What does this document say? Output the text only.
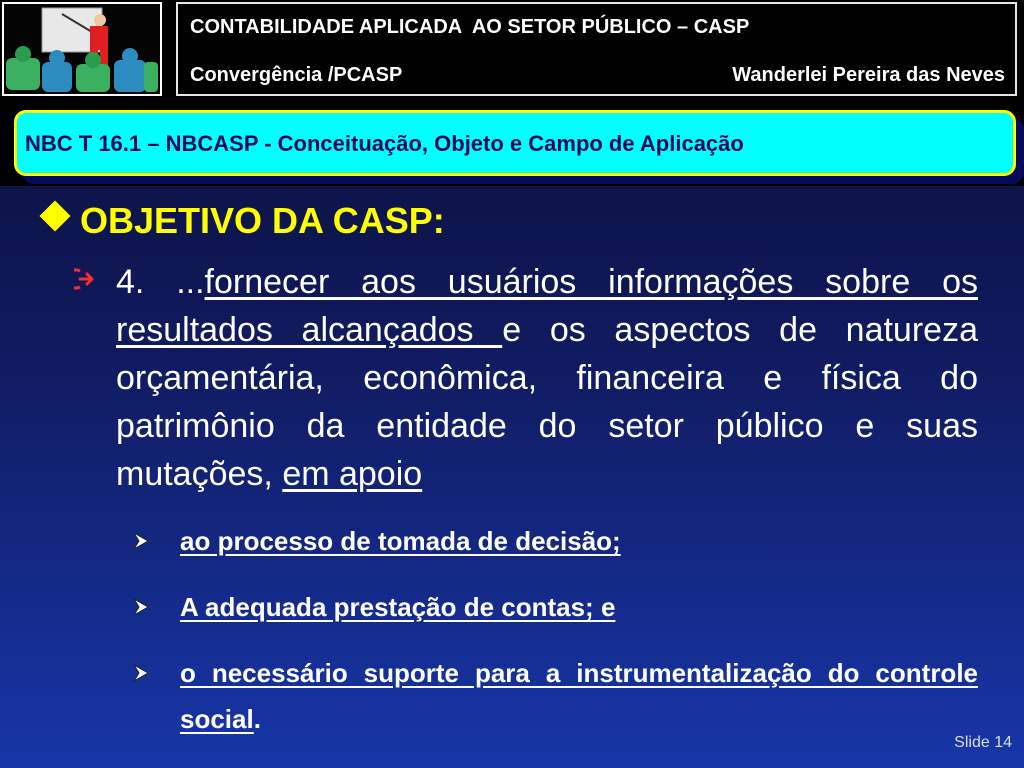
CONTABILIDADE APLICADA  AO SETOR PÚBLICO – CASP
Convergência /PCASP	Wanderlei Pereira das Neves
NBC T 16.1 – NBCASP - Conceituação, Objeto e Campo de Aplicação
OBJETIVO DA CASP:
4. ...fornecer aos usuários informações sobre os resultados alcançados e os aspectos de natureza orçamentária, econômica, financeira e física do patrimônio da entidade do setor público e suas mutações, em apoio
ao processo de tomada de decisão;
A adequada prestação de contas; e
o necessário suporte para a instrumentalização do controle social.
Slide 14
